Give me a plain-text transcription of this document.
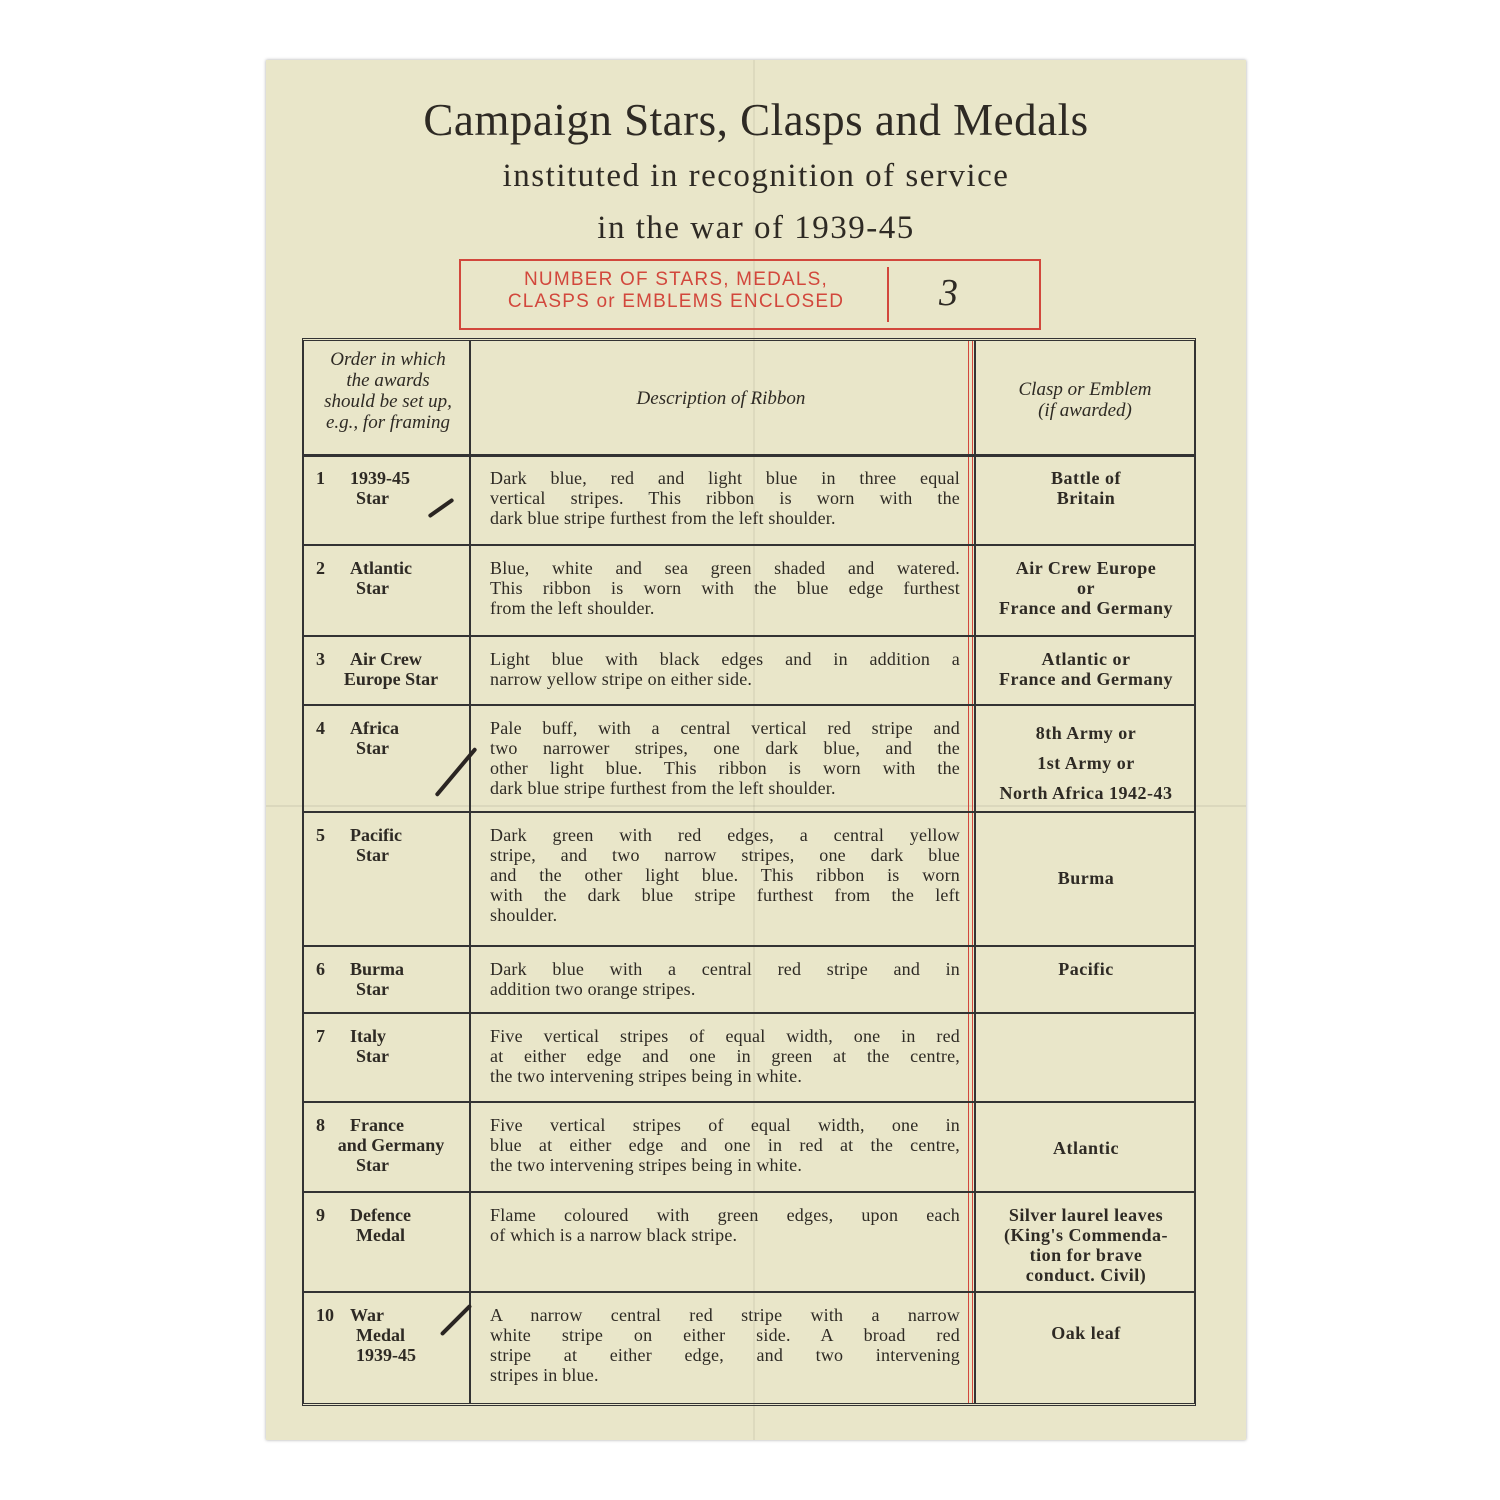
Campaign Stars, Clasps and Medals
instituted in recognition of service
in the war of 1939-45
NUMBER OF STARS, MEDALS,
CLASPS or EMBLEMS ENCLOSED	3
Order in which
the awards
should be set up,
e.g., for framing
Description of Ribbon	Clasp or Emblem
(if awarded)
1 1939-45
Star
Dark blue, red and light blue in three equal
vertical stripes. This ribbon is worn with the
dark blue stripe furthest from the left shoulder.
Battle of
Britain
2 Atlantic
Star
Blue, white and sea green shaded and watered.
This ribbon is worn with the blue edge furthest
from the left shoulder.
Air Crew Europe
or
France and Germany
3 Air Crew
Europe Star
Light blue with black edges and in addition a
narrow yellow stripe on either side.
Atlantic or
France and Germany
4 Africa
Star
Pale buff, with a central vertical red stripe and
two narrower stripes, one dark blue, and the
other light blue. This ribbon is worn with the
dark blue stripe furthest from the left shoulder.
8th Army or
1st Army or
North Africa 1942-43
5 Pacific
Star
Dark green with red edges, a central yellow
stripe, and two narrow stripes, one dark blue
and the other light blue. This ribbon is worn
with the dark blue stripe furthest from the left
shoulder.
Burma
6 Burma
Star
Dark blue with a central red stripe and in
addition two orange stripes.
Pacific
7 Italy
Star
Five vertical stripes of equal width, one in red
at either edge and one in green at the centre,
the two intervening stripes being in white.
8 France
and Germany
Star
Five vertical stripes of equal width, one in
blue at either edge and one in red at the centre,
the two intervening stripes being in white.
Atlantic
9 Defence
Medal
Flame coloured with green edges, upon each
of which is a narrow black stripe.
Silver laurel leaves
(King's Commenda-
tion for brave
conduct. Civil)
10 War
Medal
1939-45
A narrow central red stripe with a narrow
white stripe on either side. A broad red
stripe at either edge, and two intervening
stripes in blue.
Oak leaf
